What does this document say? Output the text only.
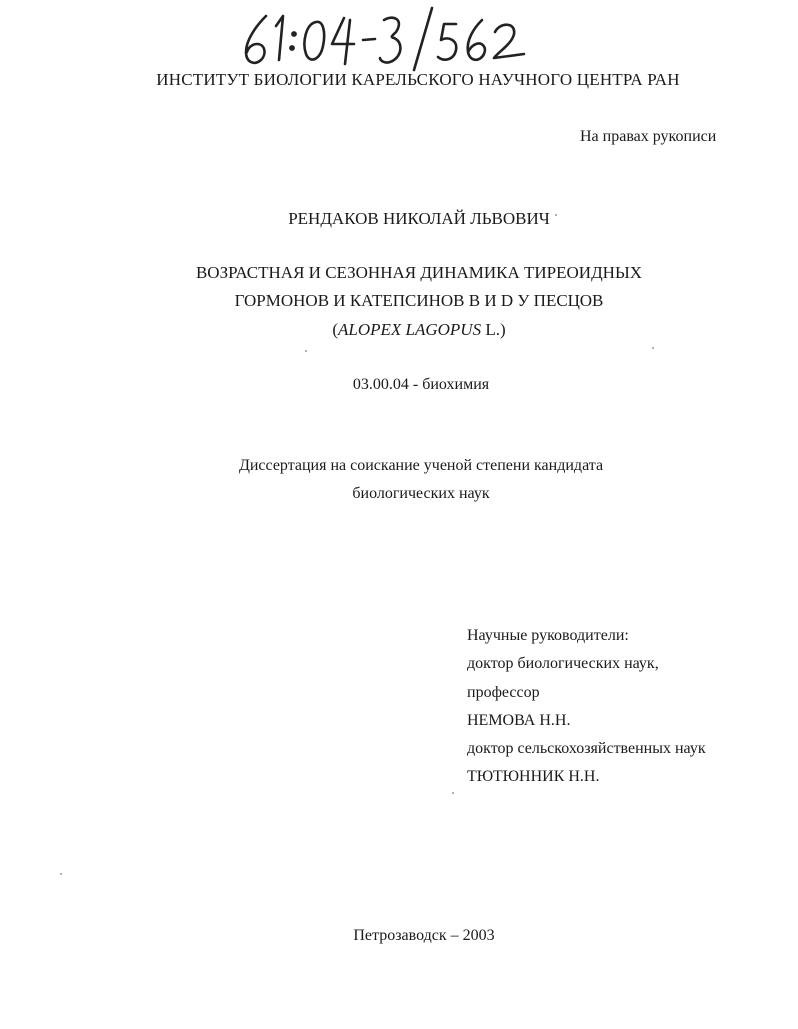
ИНСТИТУТ БИОЛОГИИ КАРЕЛЬСКОГО НАУЧНОГО ЦЕНТРА РАН
На правах рукописи
РЕНДАКОВ НИКОЛАЙ ЛЬВОВИЧ
ВОЗРАСТНАЯ И СЕЗОННАЯ ДИНАМИКА ТИРЕОИДНЫХ
ГОРМОНОВ И КАТЕПСИНОВ В И D У ПЕСЦОВ
(ALOPEX LAGOPUS L.)
03.00.04 - биохимия
Диссертация на соискание ученой степени кандидата
биологических наук
Научные руководители:
доктор биологических наук,
профессор
НЕМОВА Н.Н.
доктор сельскохозяйственных наук
ТЮТЮННИК Н.Н.
Петрозаводск – 2003
